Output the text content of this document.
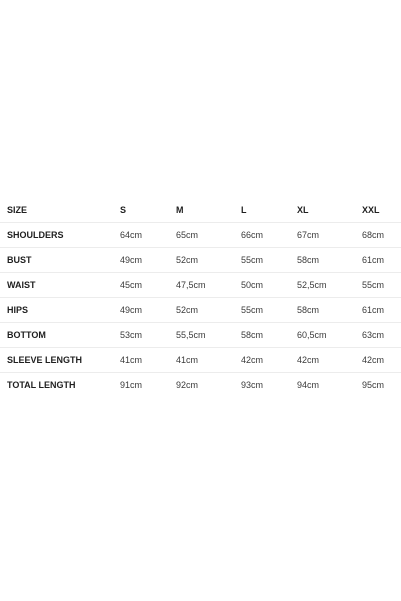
SIZE	S	M	L	XL	XXL
SHOULDERS	64cm	65cm	66cm	67cm	68cm
BUST	49cm	52cm	55cm	58cm	61cm
WAIST	45cm	47,5cm	50cm	52,5cm	55cm
HIPS	49cm	52cm	55cm	58cm	61cm
BOTTOM	53cm	55,5cm	58cm	60,5cm	63cm
SLEEVE LENGTH	41cm	41cm	42cm	42cm	42cm
TOTAL LENGTH	91cm	92cm	93cm	94cm	95cm
